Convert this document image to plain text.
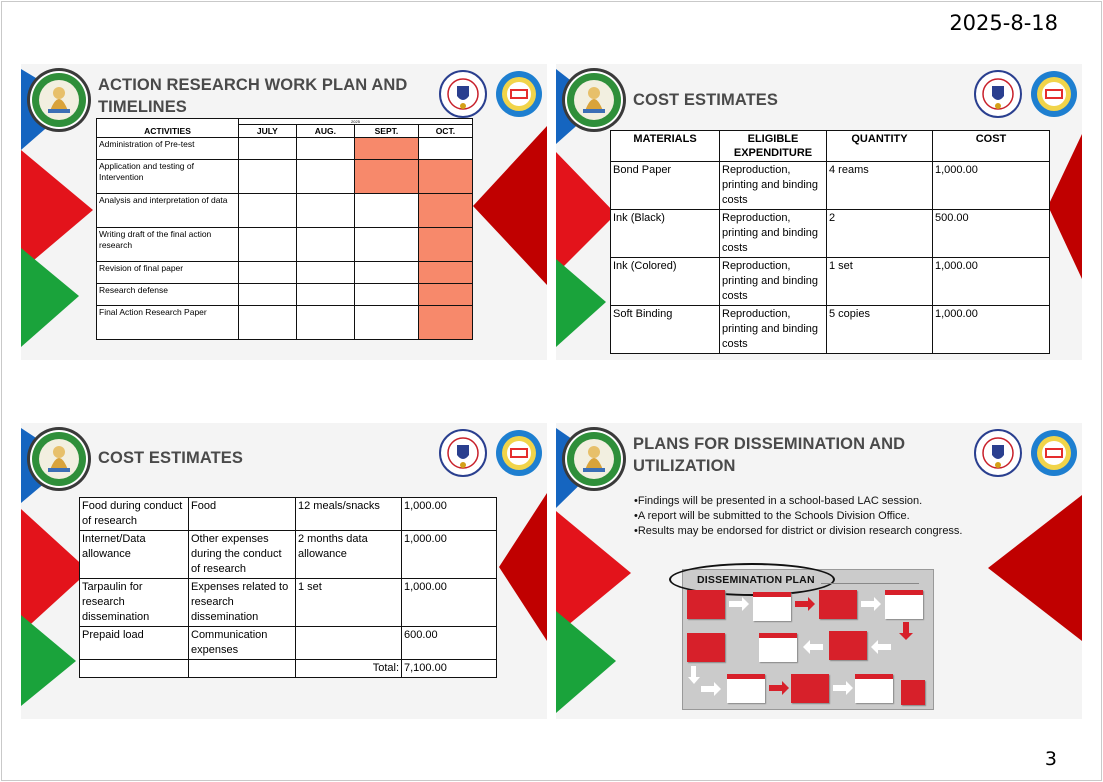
2025-8-18
3
ACTION RESEARCH WORK PLAN AND
TIMELINES
ACTIVITIES	2025			
	JULY	AUG.	SEPT.	OCT.
Administration of Pre-test				
Application and testing of Intervention				
Analysis and interpretation of data				
Writing draft of the final action research				
Revision of final paper				
Research defense				
Final Action Research Paper				
COST ESTIMATES
MATERIALS	ELIGIBLE EXPENDITURE	QUANTITY	COST
Bond Paper	Reproduction, printing and binding costs	4 reams	1,000.00
Ink (Black)	Reproduction, printing and binding costs	2	500.00
Ink (Colored)	Reproduction, printing and binding costs	1 set	1,000.00
Soft Binding	Reproduction, printing and binding costs	5 copies	1,000.00
COST ESTIMATES
Food during conduct of research	Food	12 meals/snacks	1,000.00
Internet/Data allowance	Other expenses during the conduct of research	2 months data allowance	1,000.00
Tarpaulin for research dissemination	Expenses related to research dissemination	1 set	1,000.00
Prepaid load	Communication expenses		600.00
		Total:	7,100.00
PLANS FOR DISSEMINATION AND
UTILIZATION
•Findings will be presented in a school-based LAC session.
•A report will be submitted to the Schools Division Office.
•Results may be endorsed for district or division research congress.
DISSEMINATION PLAN
